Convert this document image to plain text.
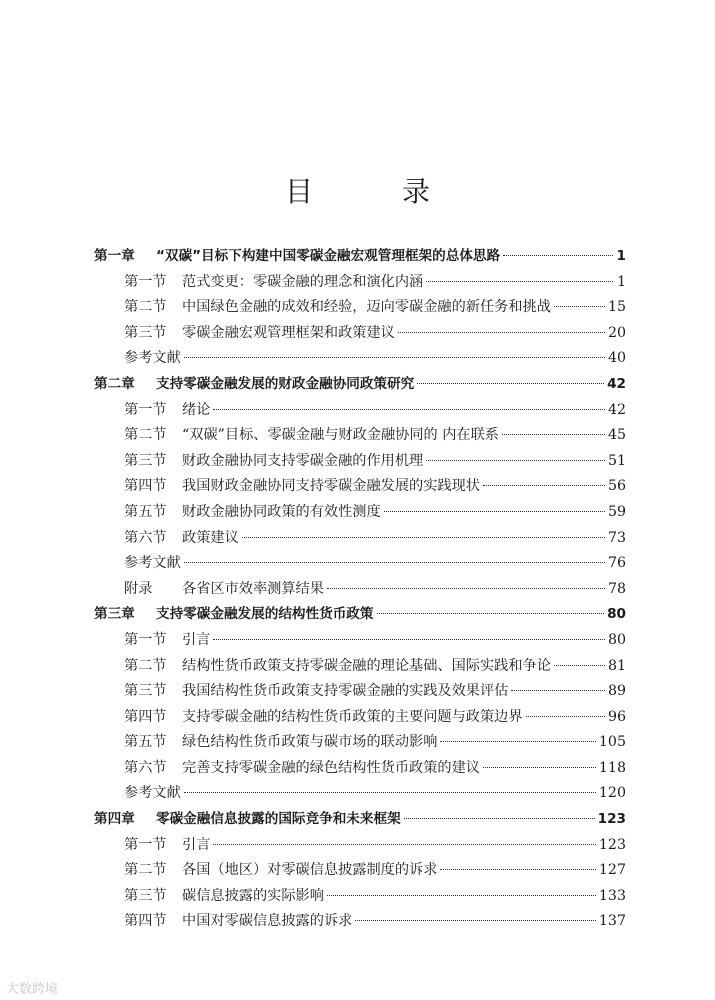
目 录
第一章	“双碳”目标下构建中国零碳金融宏观管理框架的总体思路	1
第一节	范式变更：零碳金融的理念和演化内涵	1
第二节	中国绿色金融的成效和经验，迈向零碳金融的新任务和挑战	15
第三节	零碳金融宏观管理框架和政策建议	20
参考文献	40
第二章	支持零碳金融发展的财政金融协同政策研究	42
第一节	绪论	42
第二节	“双碳”目标、零碳金融与财政金融协同的 内在联系	45
第三节	财政金融协同支持零碳金融的作用机理	51
第四节	我国财政金融协同支持零碳金融发展的实践现状	56
第五节	财政金融协同政策的有效性测度	59
第六节	政策建议	73
参考文献	76
附录	各省区市效率测算结果	78
第三章	支持零碳金融发展的结构性货币政策	80
第一节	引言	80
第二节	结构性货币政策支持零碳金融的理论基础、国际实践和争论	81
第三节	我国结构性货币政策支持零碳金融的实践及效果评估	89
第四节	支持零碳金融的结构性货币政策的主要问题与政策边界	96
第五节	绿色结构性货币政策与碳市场的联动影响	105
第六节	完善支持零碳金融的绿色结构性货币政策的建议	118
参考文献	120
第四章	零碳金融信息披露的国际竞争和未来框架	123
第一节	引言	123
第二节	各国（地区）对零碳信息披露制度的诉求	127
第三节	碳信息披露的实际影响	133
第四节	中国对零碳信息披露的诉求	137
大数跨境
